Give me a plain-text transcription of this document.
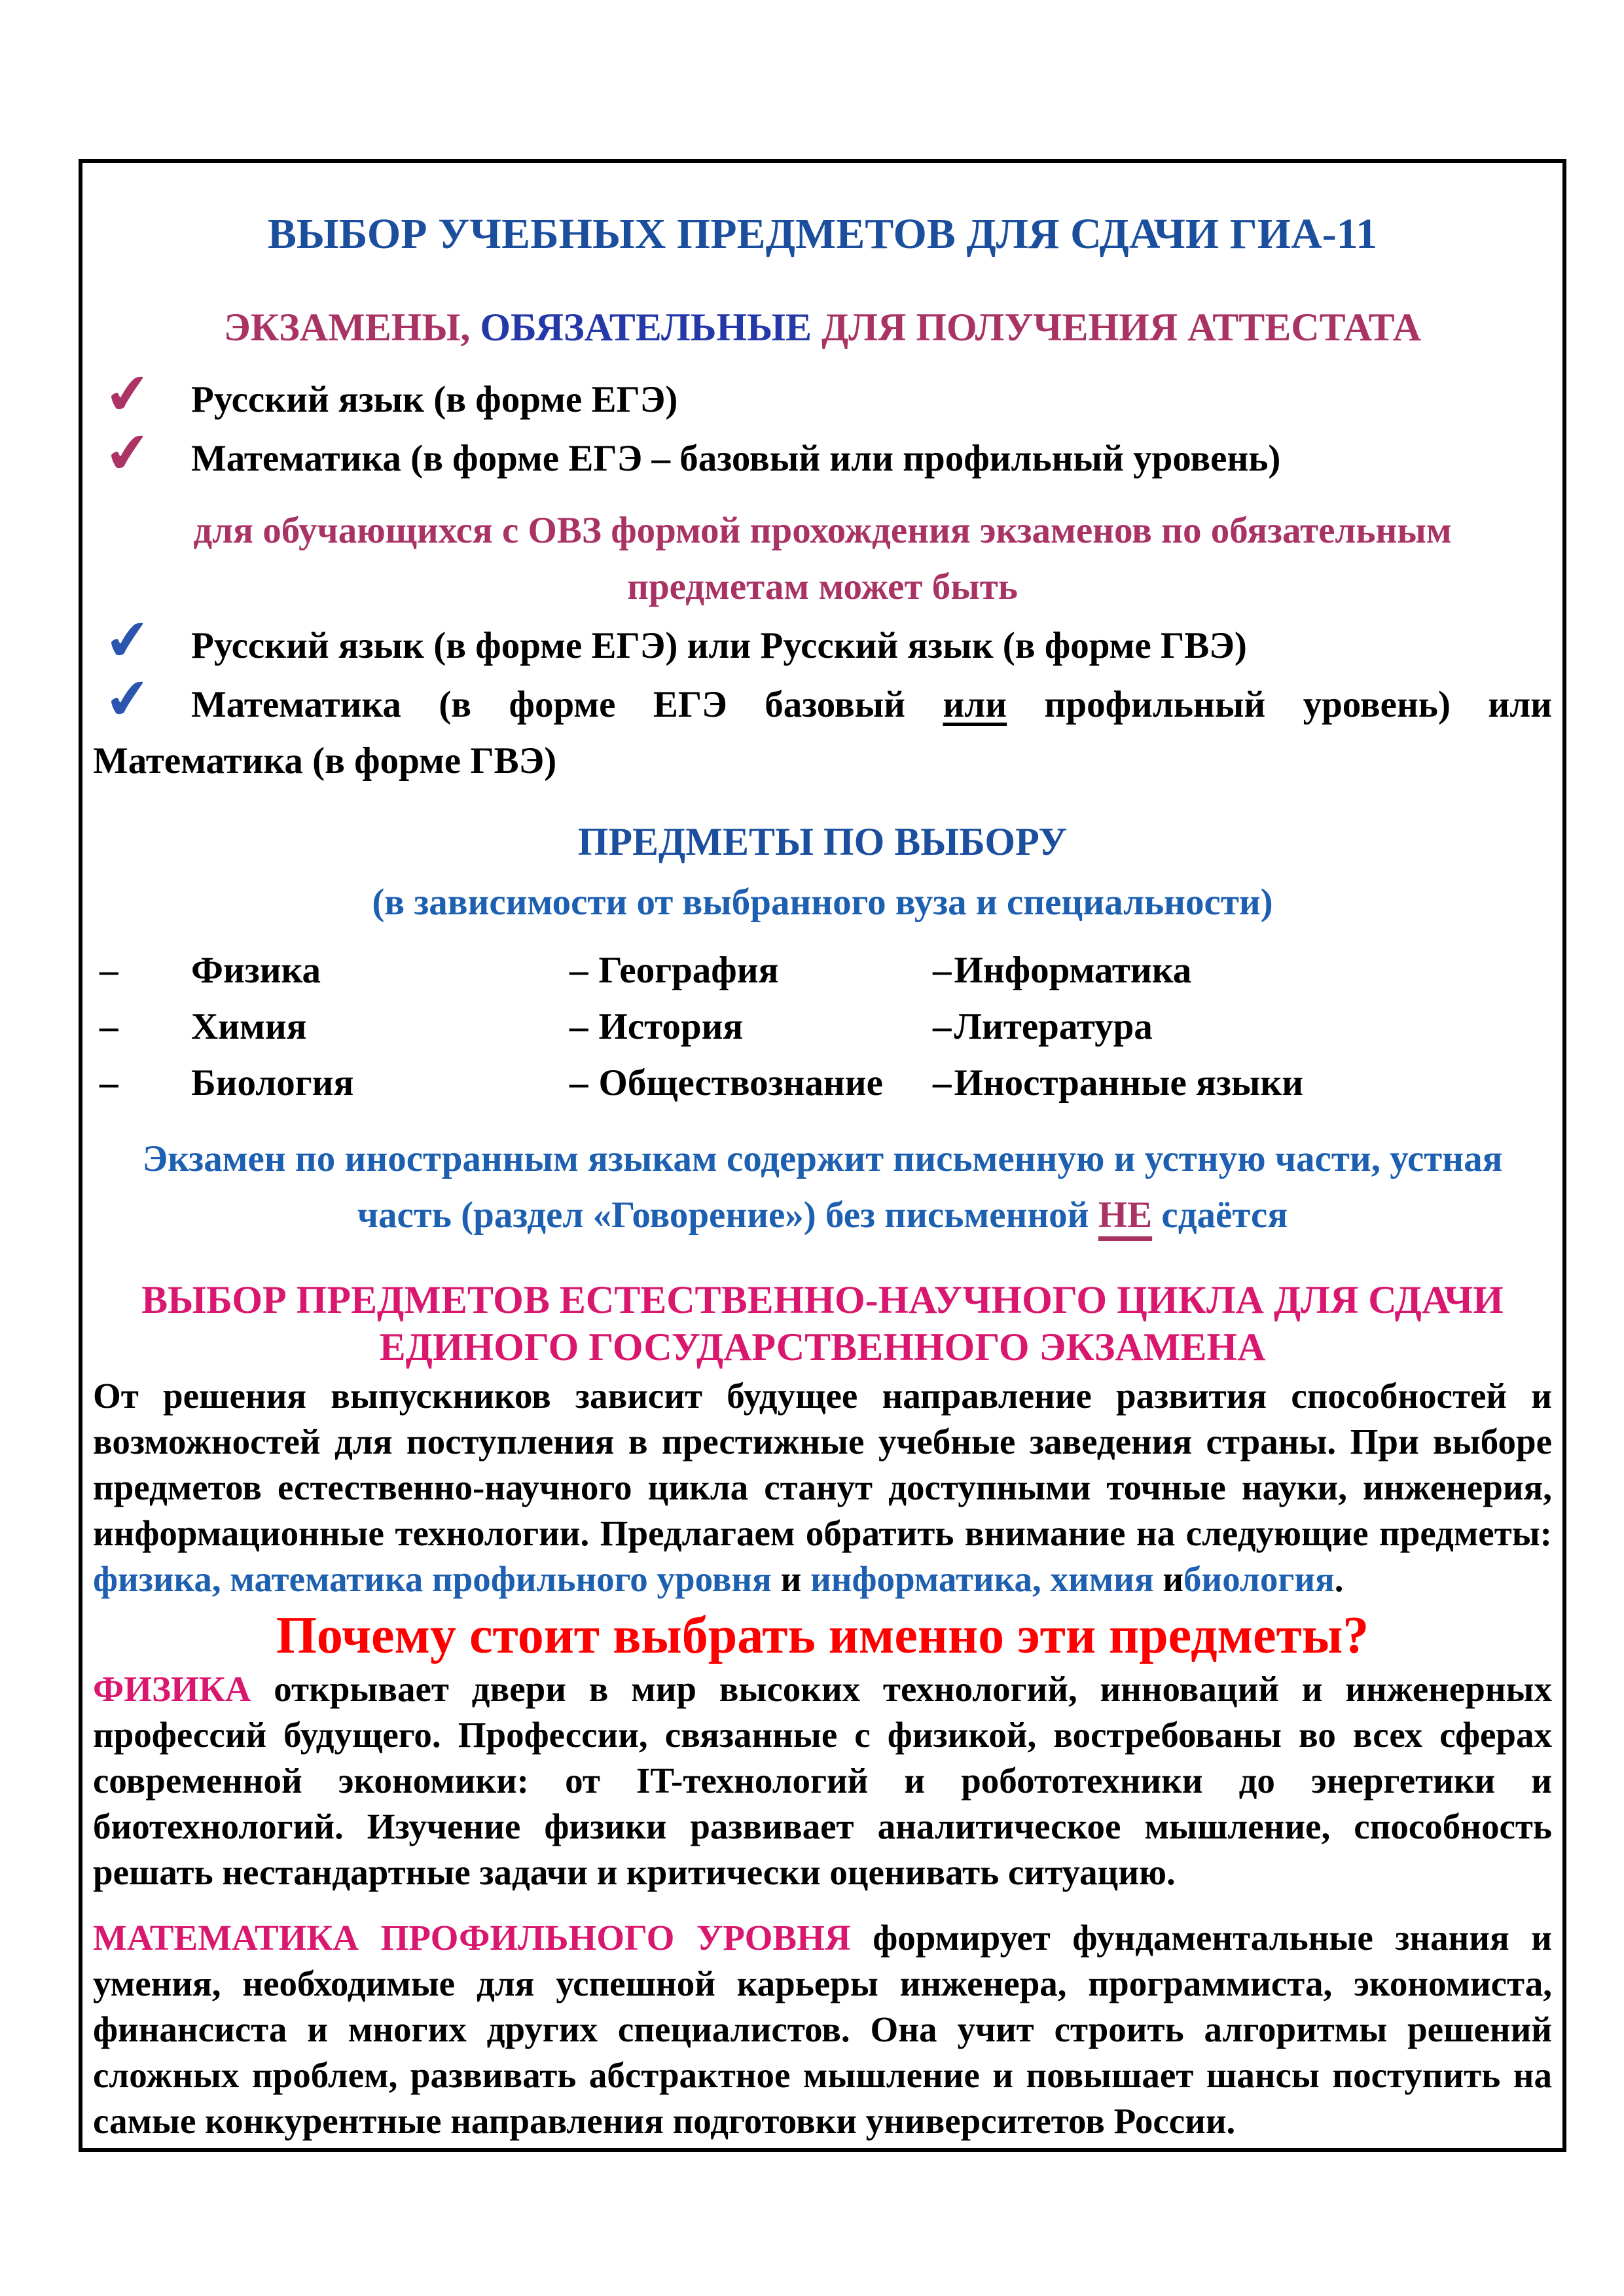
ВЫБОР УЧЕБНЫХ ПРЕДМЕТОВ ДЛЯ СДАЧИ ГИА-11
ЭКЗАМЕНЫ, ОБЯЗАТЕЛЬНЫЕ ДЛЯ ПОЛУЧЕНИЯ АТТЕСТАТА
✔ Русский язык (в форме ЕГЭ)
✔ Математика (в форме ЕГЭ – базовый или профильный уровень)
для обучающихся с ОВЗ формой прохождения экзаменов по обязательным
предметам может быть
✔ Русский язык (в форме ЕГЭ) или Русский язык (в форме ГВЭ)
✔ Математика (в форме ЕГЭ базовый или профильный уровень) или
Математика (в форме ГВЭ)
ПРЕДМЕТЫ ПО ВЫБОРУ
(в зависимости от выбранного вуза и специальности)
– Физика	– География	–Информатика
– Химия	– История	–Литература
– Биология	– Обществознание	–Иностранные языки
Экзамен по иностранным языкам содержит письменную и устную части, устная
часть (раздел «Говорение») без письменной НЕ сдаётся
ВЫБОР ПРЕДМЕТОВ ЕСТЕСТВЕННО-НАУЧНОГО ЦИКЛА ДЛЯ СДАЧИ
ЕДИНОГО ГОСУДАРСТВЕННОГО ЭКЗАМЕНА
От решения выпускников зависит будущее направление развития способностей и возможностей для поступления в престижные учебные заведения страны. При выборе предметов естественно-научного цикла станут доступными точные науки, инженерия, информационные технологии. Предлагаем обратить внимание на следующие предметы: физика, математика профильного уровня и информатика, химия ибиология.
Почему стоит выбрать именно эти предметы?
ФИЗИКА открывает двери в мир высоких технологий, инноваций и инженерных профессий будущего. Профессии, связанные с физикой, востребованы во всех сферах современной экономики: от IT-технологий и робототехники до энергетики и биотехнологий. Изучение физики развивает аналитическое мышление, способность решать нестандартные задачи и критически оценивать ситуацию.
МАТЕМАТИКА ПРОФИЛЬНОГО УРОВНЯ формирует фундаментальные знания и умения, необходимые для успешной карьеры инженера, программиста, экономиста, финансиста и многих других специалистов. Она учит строить алгоритмы решений сложных проблем, развивать абстрактное мышление и повышает шансы поступить на самые конкурентные направления подготовки университетов России.
